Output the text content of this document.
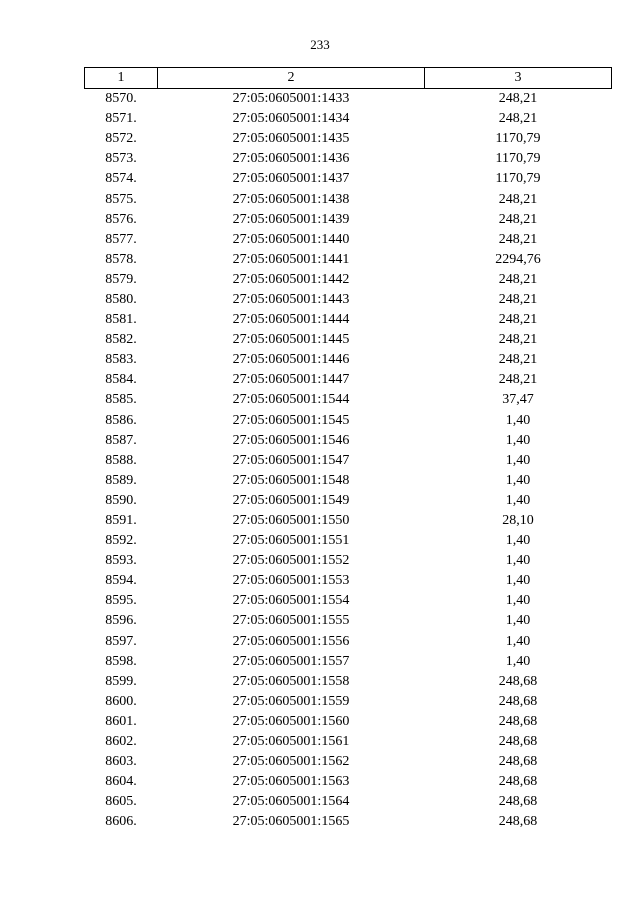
233
1	2	3
8570.	27:05:0605001:1433	248,21
8571.	27:05:0605001:1434	248,21
8572.	27:05:0605001:1435	1170,79
8573.	27:05:0605001:1436	1170,79
8574.	27:05:0605001:1437	1170,79
8575.	27:05:0605001:1438	248,21
8576.	27:05:0605001:1439	248,21
8577.	27:05:0605001:1440	248,21
8578.	27:05:0605001:1441	2294,76
8579.	27:05:0605001:1442	248,21
8580.	27:05:0605001:1443	248,21
8581.	27:05:0605001:1444	248,21
8582.	27:05:0605001:1445	248,21
8583.	27:05:0605001:1446	248,21
8584.	27:05:0605001:1447	248,21
8585.	27:05:0605001:1544	37,47
8586.	27:05:0605001:1545	1,40
8587.	27:05:0605001:1546	1,40
8588.	27:05:0605001:1547	1,40
8589.	27:05:0605001:1548	1,40
8590.	27:05:0605001:1549	1,40
8591.	27:05:0605001:1550	28,10
8592.	27:05:0605001:1551	1,40
8593.	27:05:0605001:1552	1,40
8594.	27:05:0605001:1553	1,40
8595.	27:05:0605001:1554	1,40
8596.	27:05:0605001:1555	1,40
8597.	27:05:0605001:1556	1,40
8598.	27:05:0605001:1557	1,40
8599.	27:05:0605001:1558	248,68
8600.	27:05:0605001:1559	248,68
8601.	27:05:0605001:1560	248,68
8602.	27:05:0605001:1561	248,68
8603.	27:05:0605001:1562	248,68
8604.	27:05:0605001:1563	248,68
8605.	27:05:0605001:1564	248,68
8606.	27:05:0605001:1565	248,68
